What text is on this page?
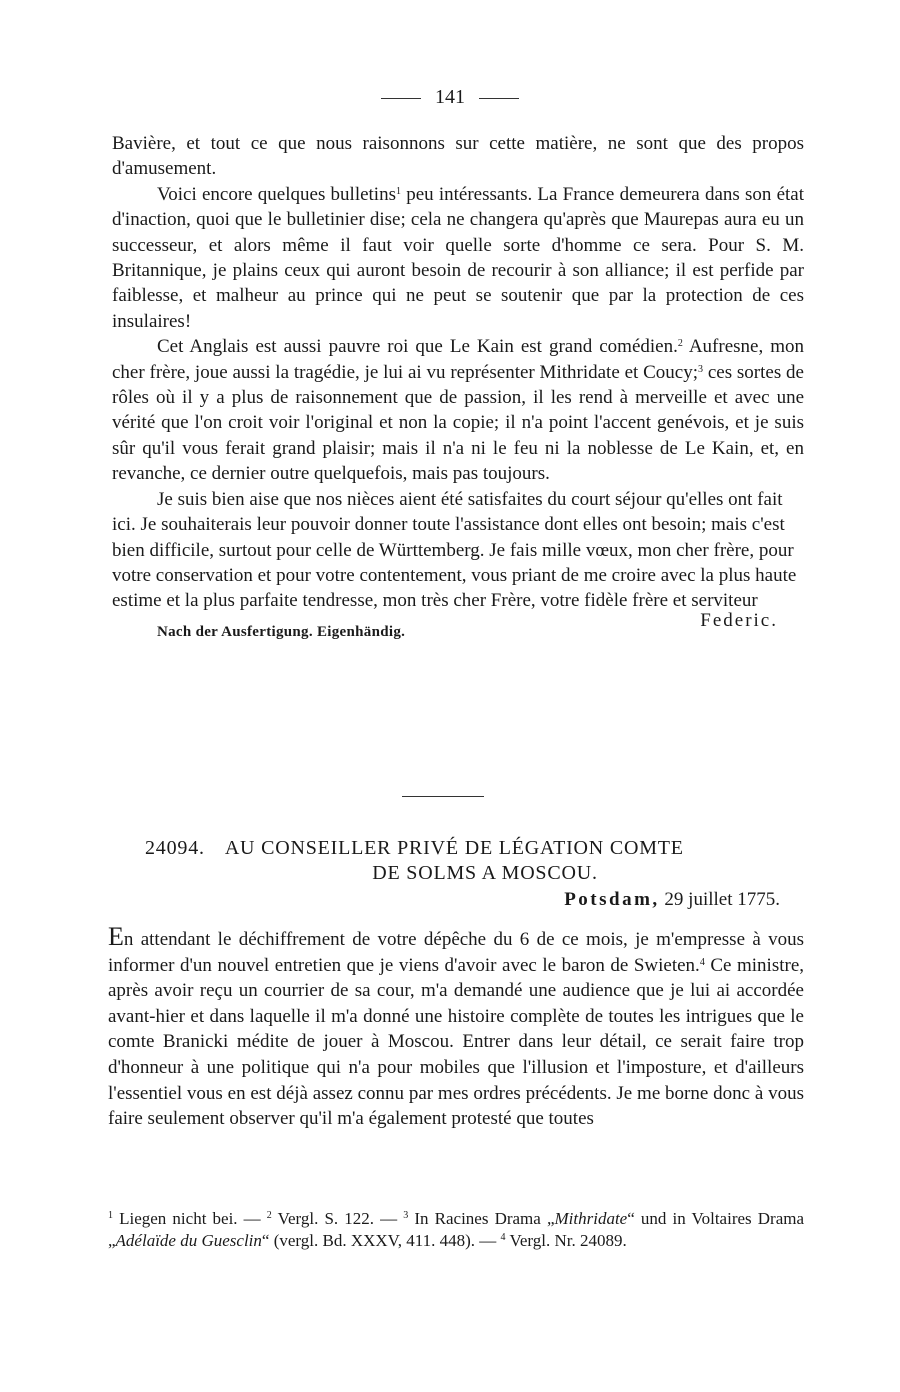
141

Bavière, et tout ce que nous raisonnons sur cette matière, ne sont que des propos d'amusement.

Voici encore quelques bulletins$^1$ peu intéressants. La France demeurera dans son état d'inaction, quoi que le bulletinier dise; cela ne changera qu'après que Maurepas aura eu un successeur, et alors même il faut voir quelle sorte d'homme ce sera. Pour S. M. Britannique, je plains ceux qui auront besoin de recourir à son alliance; il est perfide par faiblesse, et malheur au prince qui ne peut se soutenir que par la protection de ces insulaires!

Cet Anglais est aussi pauvre roi que Le Kain est grand comédien.$^2$ Aufresne, mon cher frère, joue aussi la tragédie, je lui ai vu représenter Mithridate et Coucy;$^3$ ces sortes de rôles où il y a plus de raisonnement que de passion, il les rend à merveille et avec une vérité que l'on croit voir l'original et non la copie; il n'a point l'accent genévois, et je suis sûr qu'il vous ferait grand plaisir; mais il n'a ni le feu ni la noblesse de Le Kain, et, en revanche, ce dernier outre quelquefois, mais pas toujours.

Je suis bien aise que nos nièces aient été satisfaites du court séjour qu'elles ont fait ici. Je souhaiterais leur pouvoir donner toute l'assistance dont elles ont besoin; mais c'est bien difficile, surtout pour celle de Württemberg. Je fais mille vœux, mon cher frère, pour votre conservation et pour votre contentement, vous priant de me croire avec la plus haute estime et la plus parfaite tendresse, mon très cher Frère, votre fidèle frère et serviteur

Federic.
Nach der Ausfertigung. Eigenhändig.
24094. AU CONSEILLER PRIVÉ DE LÉGATION COMTE
DE SOLMS A MOSCOU.
Potsdam, 29 juillet 1775.

En attendant le déchiffrement de votre dépêche du 6 de ce mois, je m'empresse à vous informer d'un nouvel entretien que je viens d'avoir avec le baron de Swieten.$^4$ Ce ministre, après avoir reçu un courrier de sa cour, m'a demandé une audience que je lui ai accordée avant-hier et dans laquelle il m'a donné une histoire complète de toutes les intrigues que le comte Branicki médite de jouer à Moscou. Entrer dans leur détail, ce serait faire trop d'honneur à une politique qui n'a pour mobiles que l'illusion et l'imposture, et d'ailleurs l'essentiel vous en est déjà assez connu par mes ordres précédents. Je me borne donc à vous faire seulement observer qu'il m'a également protesté que toutes

$^1$ Liegen nicht bei. — $^2$ Vergl. S. 122. — $^3$ In Racines Drama „Mithridate“ und in Voltaires Drama „Adélaïde du Guesclin“ (vergl. Bd. XXXV, 411. 448). — $^4$ Vergl. Nr. 24089.
